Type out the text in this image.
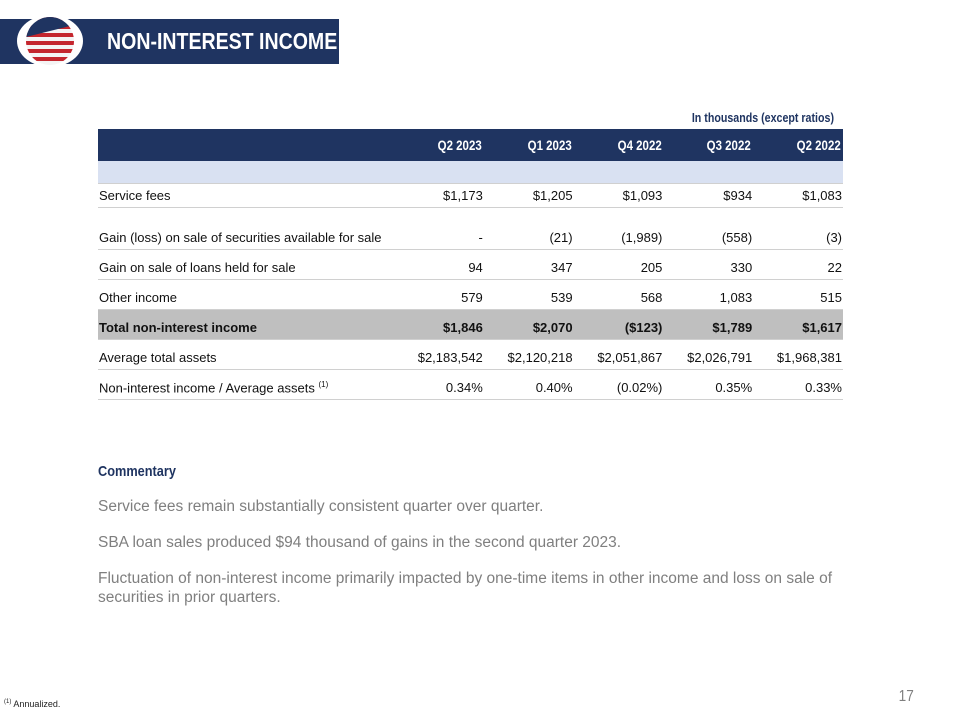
NON-INTEREST INCOME
In thousands (except ratios)
	Q2 2023	Q1 2023	Q4 2022	Q3 2022	Q2 2022

Service fees	$1,173	$1,205	$1,093	$934	$1,083
Gain (loss) on sale of securities available for sale	-	(21)	(1,989)	(558)	(3)
Gain on sale of loans held for sale	94	347	205	330	22
Other income	579	539	568	1,083	515
Total non-interest income	$1,846	$2,070	($123)	$1,789	$1,617
Average total assets	$2,183,542	$2,120,218	$2,051,867	$2,026,791	$1,968,381
Non-interest income / Average assets $^{(1)}$	0.34%	0.40%	(0.02%)	0.35%	0.33%
Commentary

Service fees remain substantially consistent quarter over quarter.

SBA loan sales produced $94 thousand of gains in the second quarter 2023.

Fluctuation of non-interest income primarily impacted by one-time items in other income and loss on sale of securities in prior quarters.

$^{(1)}$ Annualized.	17
